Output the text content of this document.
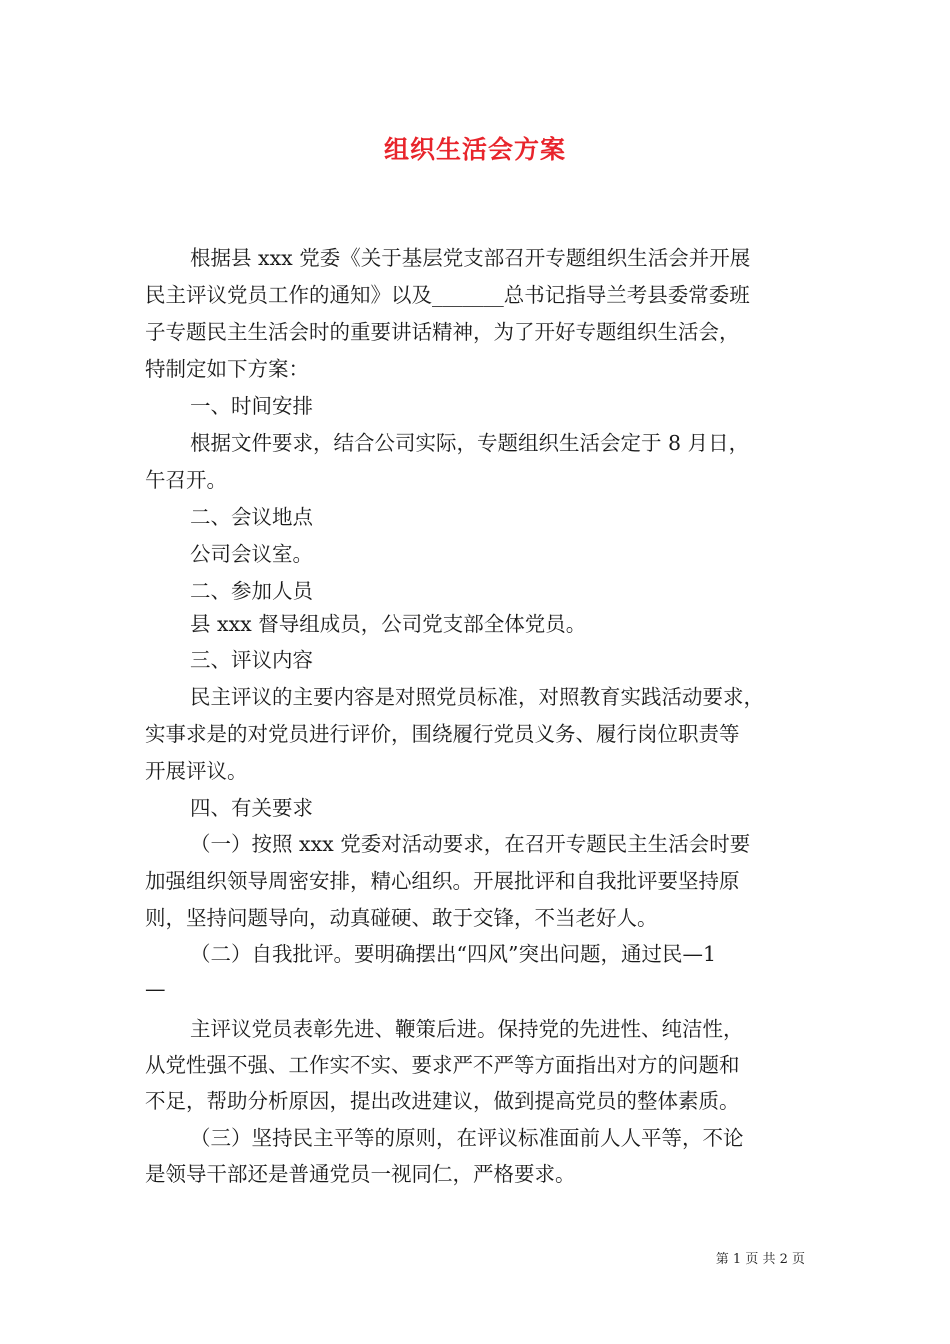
组织生活会方案
根据县 xxx 党委《关于基层党支部召开专题组织生活会并开展
民主评议党员工作的通知》以及_______总书记指导兰考县委常委班
子专题民主生活会时的重要讲话精神，为了开好专题组织生活会，
特制定如下方案：
一、时间安排
根据文件要求，结合公司实际，专题组织生活会定于 8 月日，
午召开。
二、会议地点
公司会议室。
二、参加人员
县 xxx 督导组成员，公司党支部全体党员。
三、评议内容
民主评议的主要内容是对照党员标准，对照教育实践活动要求，
实事求是的对党员进行评价，围绕履行党员义务、履行岗位职责等
开展评议。
四、有关要求
（一）按照 xxx 党委对活动要求，在召开专题民主生活会时要
加强组织领导周密安排，精心组织。开展批评和自我批评要坚持原
则，坚持问题导向，动真碰硬、敢于交锋，不当老好人。
（二）自我批评。要明确摆出“四风”突出问题，通过民—1
—
主评议党员表彰先进、鞭策后进。保持党的先进性、纯洁性，
从党性强不强、工作实不实、要求严不严等方面指出对方的问题和
不足，帮助分析原因，提出改进建议，做到提高党员的整体素质。
（三）坚持民主平等的原则，在评议标准面前人人平等，不论
是领导干部还是普通党员一视同仁，严格要求。
第 1 页 共 2 页
